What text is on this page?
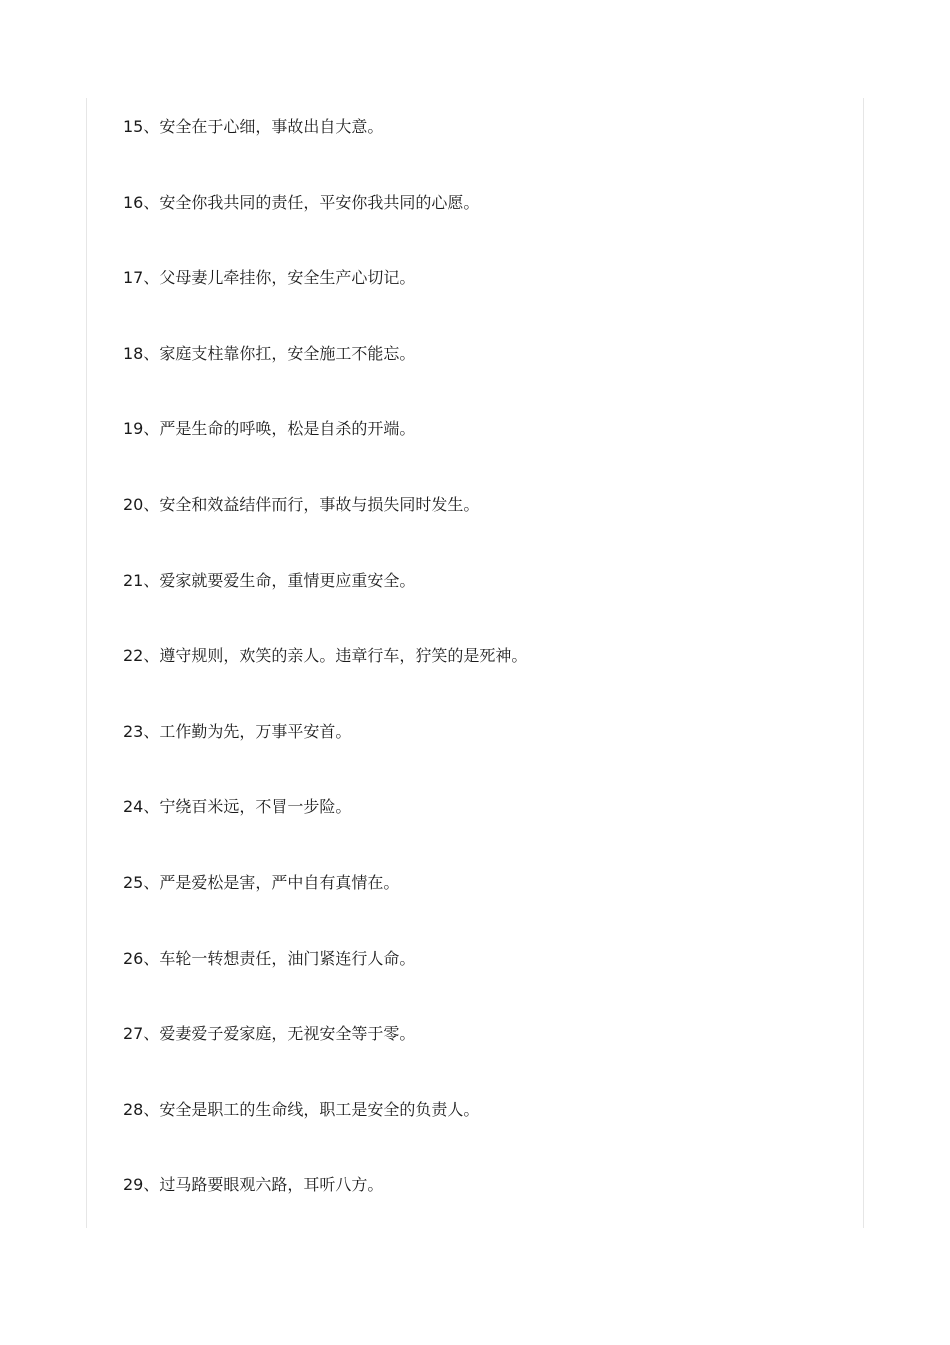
15、安全在于心细，事故出自大意。
16、安全你我共同的责任，平安你我共同的心愿。
17、父母妻儿牵挂你，安全生产心切记。
18、家庭支柱靠你扛，安全施工不能忘。
19、严是生命的呼唤，松是自杀的开端。
20、安全和效益结伴而行，事故与损失同时发生。
21、爱家就要爱生命，重情更应重安全。
22、遵守规则，欢笑的亲人。违章行车，狞笑的是死神。
23、工作勤为先，万事平安首。
24、宁绕百米远，不冒一步险。
25、严是爱松是害，严中自有真情在。
26、车轮一转想责任，油门紧连行人命。
27、爱妻爱子爱家庭，无视安全等于零。
28、安全是职工的生命线，职工是安全的负责人。
29、过马路要眼观六路，耳听八方。
